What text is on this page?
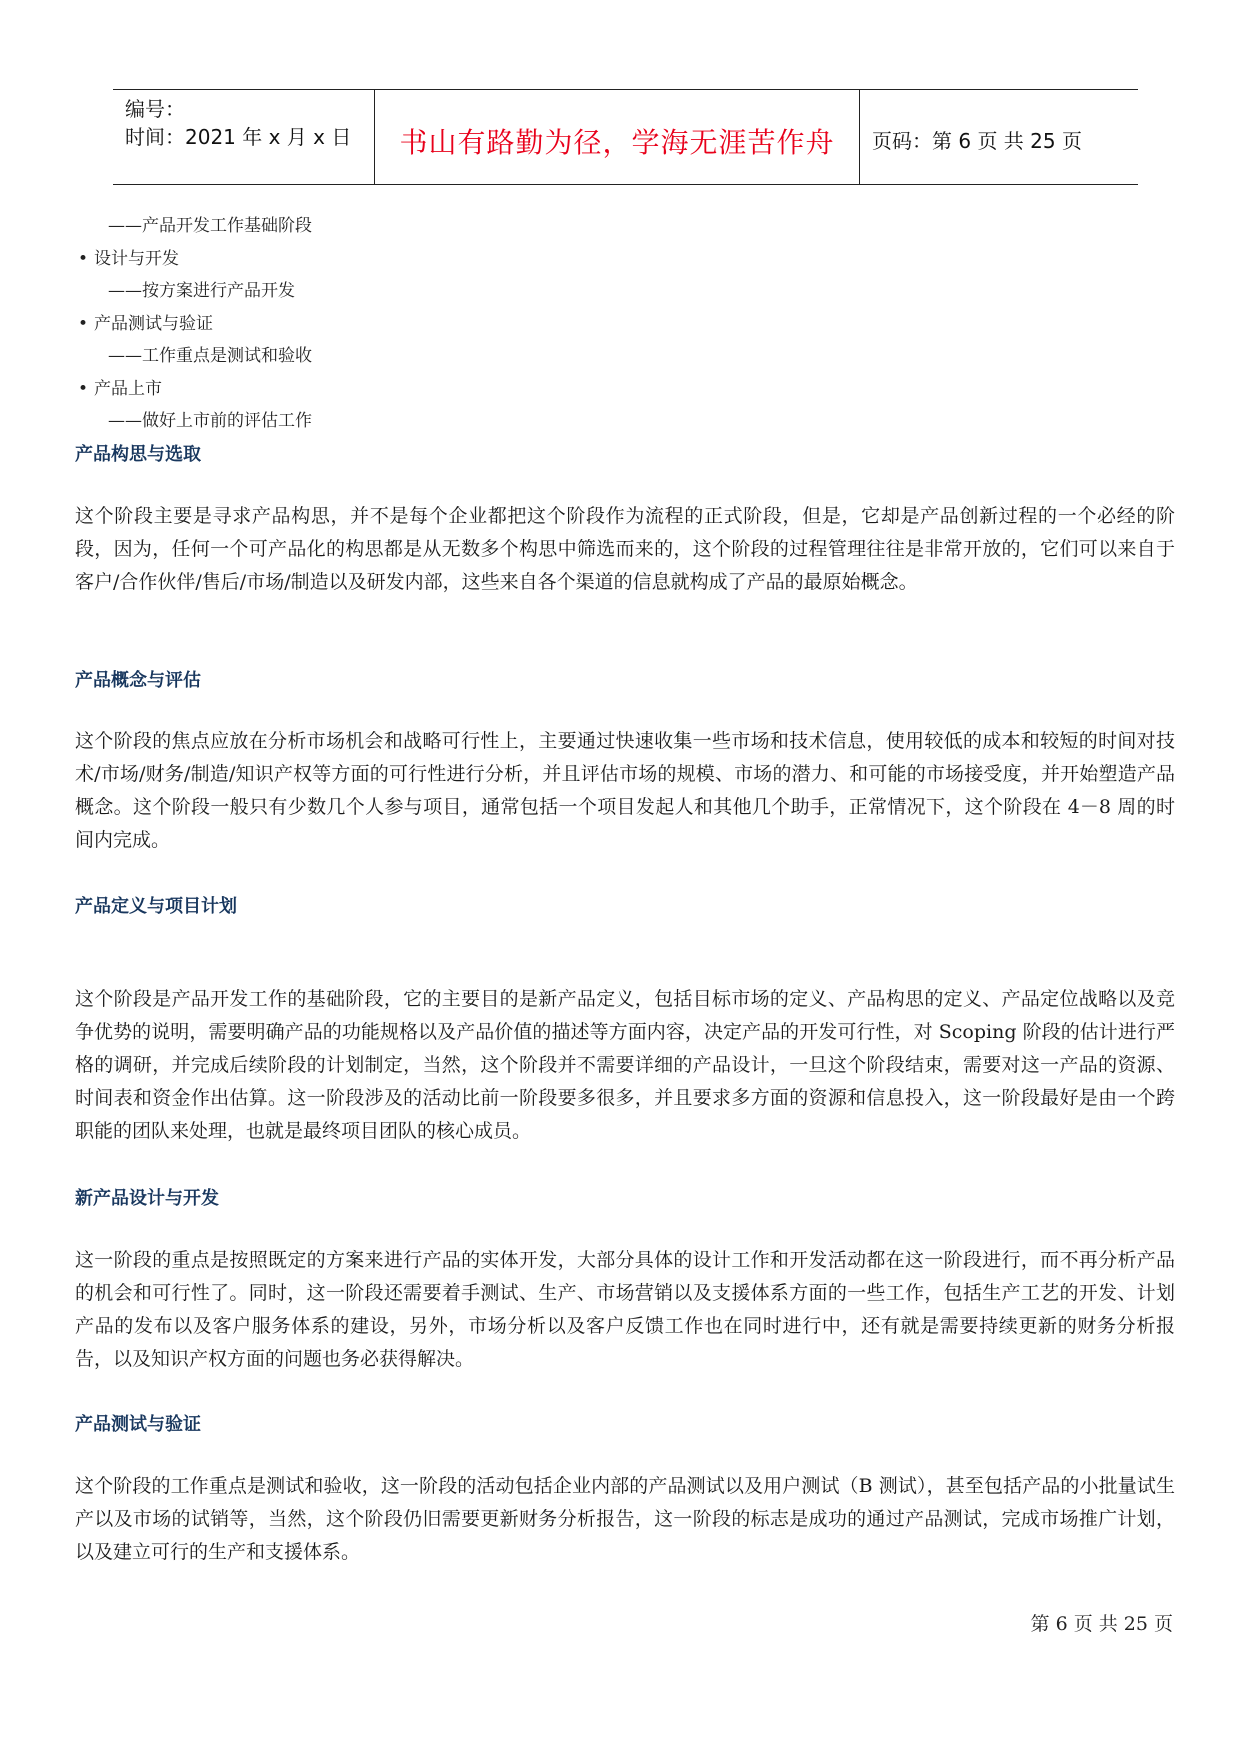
编号：
时间：2021 年 x 月 x 日	书山有路勤为径，学海无涯苦作舟	页码：第 6 页 共 25 页
——产品开发工作基础阶段
• 设计与开发
——按方案进行产品开发
• 产品测试与验证
——工作重点是测试和验收
• 产品上市
——做好上市前的评估工作
产品构思与选取
这个阶段主要是寻求产品构思，并不是每个企业都把这个阶段作为流程的正式阶段，但是，它却是产品创新过程的一个必经的阶段，因为，任何一个可产品化的构思都是从无数多个构思中筛选而来的，这个阶段的过程管理往往是非常开放的，它们可以来自于客户/合作伙伴/售后/市场/制造以及研发内部，这些来自各个渠道的信息就构成了产品的最原始概念。
产品概念与评估
这个阶段的焦点应放在分析市场机会和战略可行性上，主要通过快速收集一些市场和技术信息，使用较低的成本和较短的时间对技术/市场/财务/制造/知识产权等方面的可行性进行分析，并且评估市场的规模、市场的潜力、和可能的市场接受度，并开始塑造产品概念。这个阶段一般只有少数几个人参与项目，通常包括一个项目发起人和其他几个助手，正常情况下，这个阶段在 4－8 周的时间内完成。
产品定义与项目计划
这个阶段是产品开发工作的基础阶段，它的主要目的是新产品定义，包括目标市场的定义、产品构思的定义、产品定位战略以及竞争优势的说明，需要明确产品的功能规格以及产品价值的描述等方面内容，决定产品的开发可行性，对 Scoping 阶段的估计进行严格的调研，并完成后续阶段的计划制定，当然，这个阶段并不需要详细的产品设计，一旦这个阶段结束，需要对这一产品的资源、时间表和资金作出估算。这一阶段涉及的活动比前一阶段要多很多，并且要求多方面的资源和信息投入，这一阶段最好是由一个跨职能的团队来处理，也就是最终项目团队的核心成员。
新产品设计与开发
这一阶段的重点是按照既定的方案来进行产品的实体开发，大部分具体的设计工作和开发活动都在这一阶段进行，而不再分析产品的机会和可行性了。同时，这一阶段还需要着手测试、生产、市场营销以及支援体系方面的一些工作，包括生产工艺的开发、计划产品的发布以及客户服务体系的建设，另外，市场分析以及客户反馈工作也在同时进行中，还有就是需要持续更新的财务分析报告，以及知识产权方面的问题也务必获得解决。
产品测试与验证
这个阶段的工作重点是测试和验收，这一阶段的活动包括企业内部的产品测试以及用户测试（B 测试），甚至包括产品的小批量试生产以及市场的试销等，当然，这个阶段仍旧需要更新财务分析报告，这一阶段的标志是成功的通过产品测试，完成市场推广计划，以及建立可行的生产和支援体系。
第 6 页 共 25 页
